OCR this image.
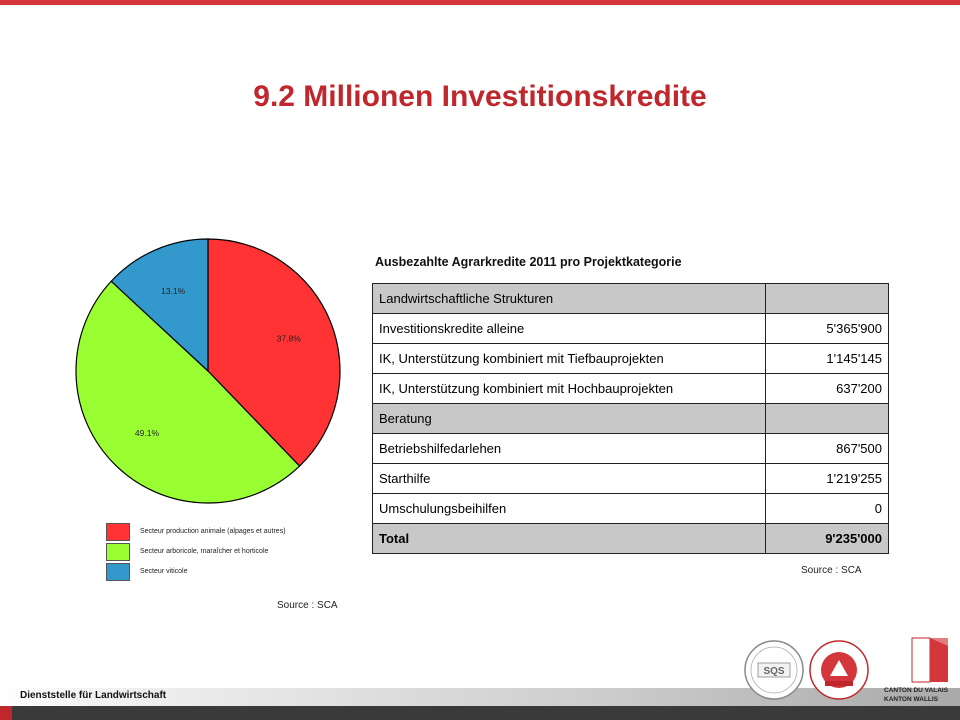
9.2 Millionen Investitionskredite
37.8%
49.1%
13.1%
Secteur production animale (alpages et autres)
Secteur arboricole, maraîcher et horticole
Secteur viticole
Source : SCA
Ausbezahlte Agrarkredite 2011 pro Projektkategorie
Landwirtschaftliche Strukturen	
Investitionskredite alleine	5'365'900
IK, Unterstützung kombiniert mit Tiefbauprojekten	1'145'145
IK, Unterstützung kombiniert mit Hochbauprojekten	637'200
Beratung	
Betriebshilfedarlehen	867'500
Starthilfe	1'219'255
Umschulungsbeihilfen	0
Total	9'235'000
Source : SCA
Dienststelle für Landwirtschaft
SQS
CANTON DU VALAIS
KANTON WALLIS
